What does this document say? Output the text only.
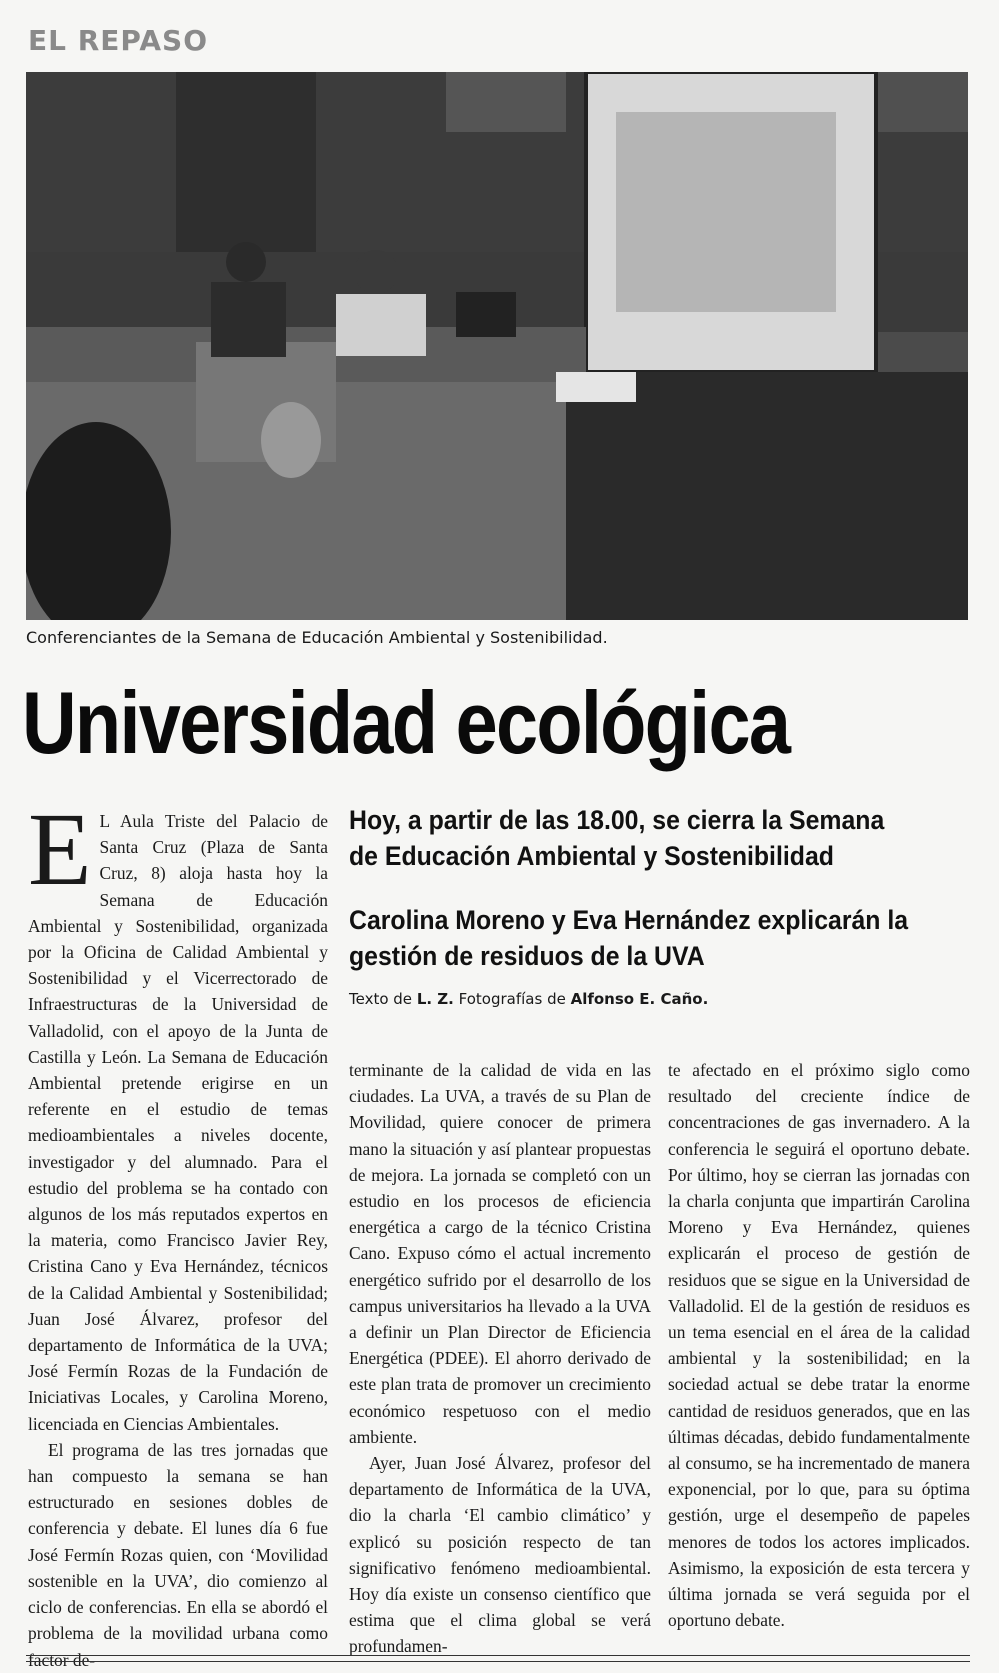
EL REPASO
Conferenciantes de la Semana de Educación Ambiental y Sostenibilidad.
Universidad ecológica
Hoy, a partir de las 18.00, se cierra la Semana de Educación Ambiental y Sostenibilidad
Carolina Moreno y Eva Hernández explicarán la gestión de residuos de la UVA
Texto de L. Z. Fotografías de Alfonso E. Caño.

E L Aula Triste del Palacio de Santa Cruz (Plaza de Santa Cruz, 8) aloja hasta hoy la Semana de Educación Ambiental y Sostenibilidad, organizada por la Oficina de Calidad Ambiental y Sostenibilidad y el Vicerrectorado de Infraestructuras de la Universidad de Valladolid, con el apoyo de la Junta de Castilla y León. La Semana de Educación Ambiental pretende erigirse en un referente en el estudio de temas medioambientales a niveles docente, investigador y del alumnado. Para el estudio del problema se ha contado con algunos de los más reputados expertos en la materia, como Francisco Javier Rey, Cristina Cano y Eva Hernández, técnicos de la Calidad Ambiental y Sostenibilidad; Juan José Álvarez, profesor del departamento de Informática de la UVA; José Fermín Rozas de la Fundación de Iniciativas Locales, y Carolina Moreno, licenciada en Ciencias Ambientales.

El programa de las tres jornadas que han compuesto la semana se han estructurado en sesiones dobles de conferencia y debate. El lunes día 6 fue José Fermín Rozas quien, con ‘Movilidad sostenible en la UVA’, dio comienzo al ciclo de conferencias. En ella se abordó el problema de la movilidad urbana como factor de-

terminante de la calidad de vida en las ciudades. La UVA, a través de su Plan de Movilidad, quiere conocer de primera mano la situación y así plantear propuestas de mejora. La jornada se completó con un estudio en los procesos de eficiencia energética a cargo de la técnico Cristina Cano. Expuso cómo el actual incremento energético sufrido por el desarrollo de los campus universitarios ha llevado a la UVA a definir un Plan Director de Eficiencia Energética (PDEE). El ahorro derivado de este plan trata de promover un crecimiento económico respetuoso con el medio ambiente.

Ayer, Juan José Álvarez, profesor del departamento de Informática de la UVA, dio la charla ‘El cambio climático’ y explicó su posición respecto de tan significativo fenómeno medioambiental. Hoy día existe un consenso científico que estima que el clima global se verá profundamen-

te afectado en el próximo siglo como resultado del creciente índice de concentraciones de gas invernadero. A la conferencia le seguirá el oportuno debate. Por último, hoy se cierran las jornadas con la charla conjunta que impartirán Carolina Moreno y Eva Hernández, quienes explicarán el proceso de gestión de residuos que se sigue en la Universidad de Valladolid. El de la gestión de residuos es un tema esencial en el área de la calidad ambiental y la sostenibilidad; en la sociedad actual se debe tratar la enorme cantidad de residuos generados, que en las últimas décadas, debido fundamentalmente al consumo, se ha incrementado de manera exponencial, por lo que, para su óptima gestión, urge el desempeño de papeles menores de todos los actores implicados. Asimismo, la exposición de esta tercera y última jornada se verá seguida por el oportuno debate.
